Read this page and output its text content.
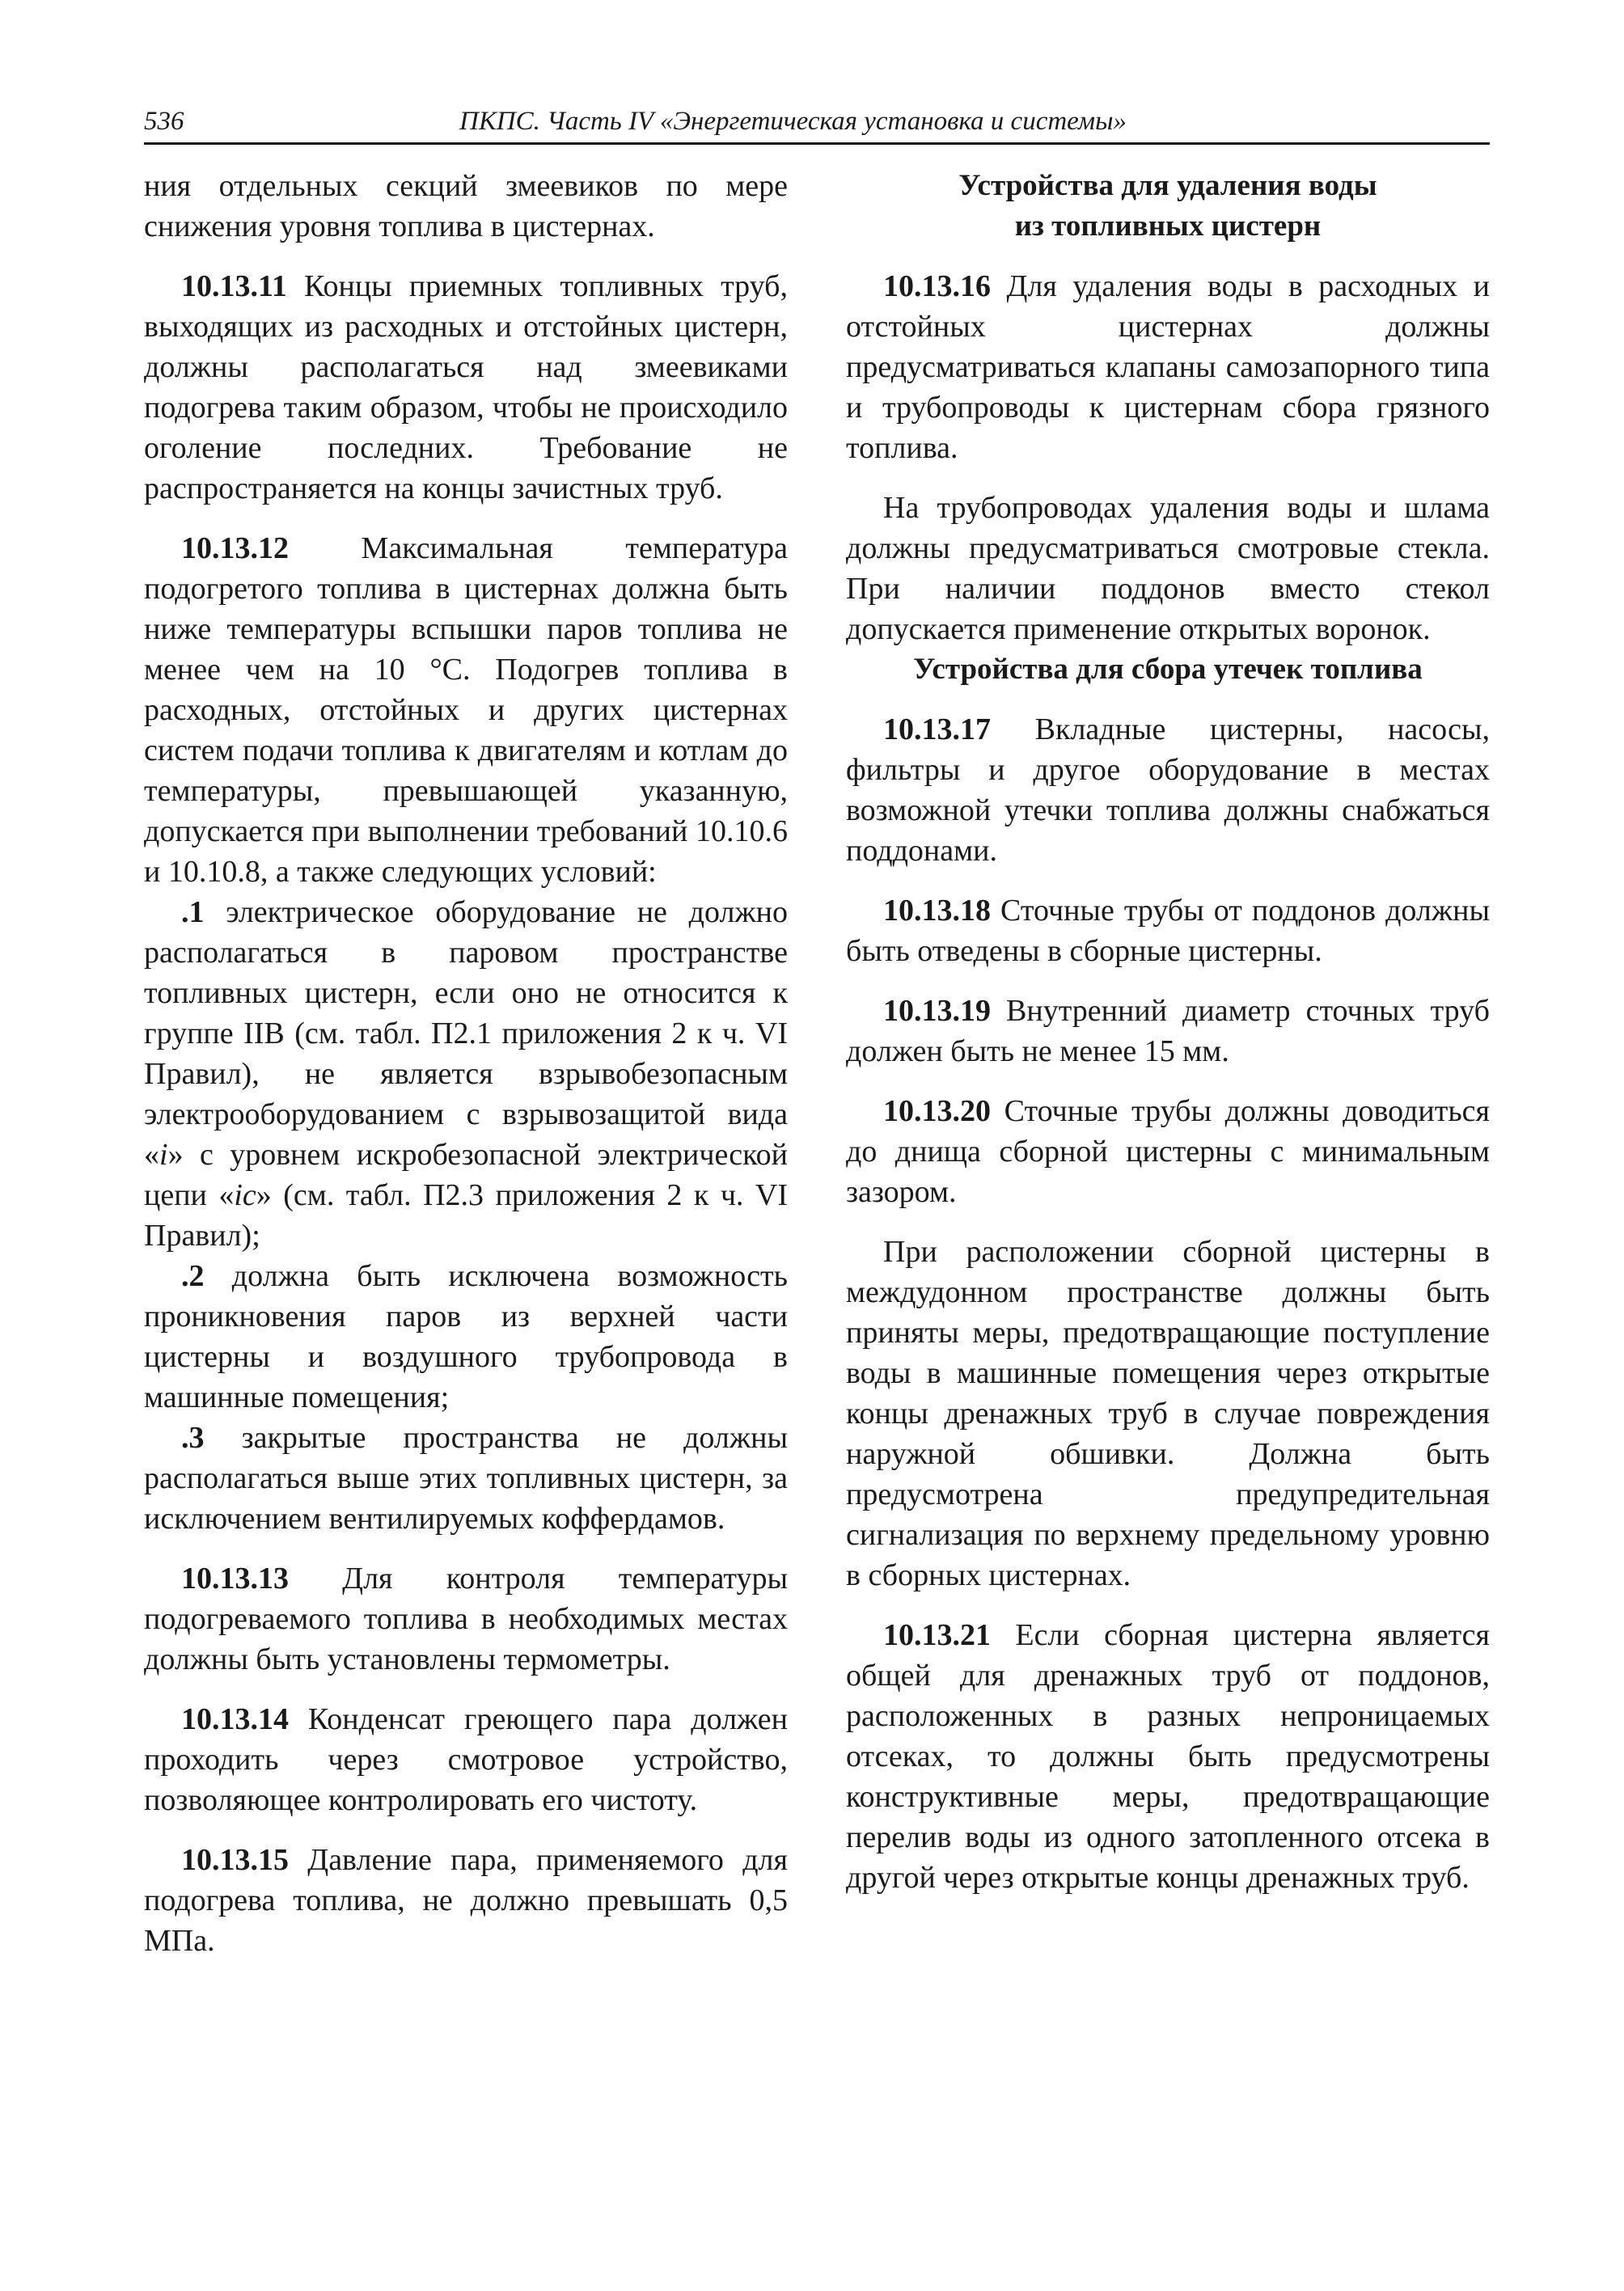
536	ПКПС. Часть IV «Энергетическая установка и системы»

ния отдельных секций змеевиков по мере снижения уровня топлива в цистернах.

10.13.11 Концы приемных топливных труб, выходящих из расходных и отстойных цистерн, должны располагаться над змеевиками подогрева таким образом, чтобы не происходило оголение последних. Требование не распространяется на концы зачистных труб.

10.13.12 Максимальная температура подогретого топлива в цистернах должна быть ниже температуры вспышки паров топлива не менее чем на 10 °С. Подогрев топлива в расходных, отстойных и других цистернах систем подачи топлива к двигателям и котлам до температуры, превышающей указанную, допускается при выполнении требований 10.10.6 и 10.10.8, а также следующих условий:

.1 электрическое оборудование не должно располагаться в паровом пространстве топливных цистерн, если оно не относится к группе IIB (см. табл. П2.1 приложения 2 к ч. VI Правил), не является взрывобезопасным электрооборудованием с взрывозащитой вида «i» с уровнем искробезопасной электрической цепи «ic» (см. табл. П2.3 приложения 2 к ч. VI Правил);

.2 должна быть исключена возможность проникновения паров из верхней части цистерны и воздушного трубопровода в машинные помещения;

.3 закрытые пространства не должны располагаться выше этих топливных цистерн, за исключением вентилируемых коффердамов.

10.13.13 Для контроля температуры подогреваемого топлива в необходимых местах должны быть установлены термометры.

10.13.14 Конденсат греющего пара должен проходить через смотровое устройство, позволяющее контролировать его чистоту.

10.13.15 Давление пара, применяемого для подогрева топлива, не должно превышать 0,5 МПа.

Устройства для удаления воды
из топливных цистерн

10.13.16 Для удаления воды в расходных и отстойных цистернах должны предусматриваться клапаны самозапорного типа и трубопроводы к цистернам сбора грязного топлива.

На трубопроводах удаления воды и шлама должны предусматриваться смотровые стекла. При наличии поддонов вместо стекол допускается применение открытых воронок.

Устройства для сбора утечек топлива

10.13.17 Вкладные цистерны, насосы, фильтры и другое оборудование в местах возможной утечки топлива должны снабжаться поддонами.

10.13.18 Сточные трубы от поддонов должны быть отведены в сборные цистерны.

10.13.19 Внутренний диаметр сточных труб должен быть не менее 15 мм.

10.13.20 Сточные трубы должны доводиться до днища сборной цистерны с минимальным зазором.

При расположении сборной цистерны в междудонном пространстве должны быть приняты меры, предотвращающие поступление воды в машинные помещения через открытые концы дренажных труб в случае повреждения наружной обшивки. Должна быть предусмотрена предупредительная сигнализация по верхнему предельному уровню в сборных цистернах.

10.13.21 Если сборная цистерна является общей для дренажных труб от поддонов, расположенных в разных непроницаемых отсеках, то должны быть предусмотрены конструктивные меры, предотвращающие перелив воды из одного затопленного отсека в другой через открытые концы дренажных труб.
